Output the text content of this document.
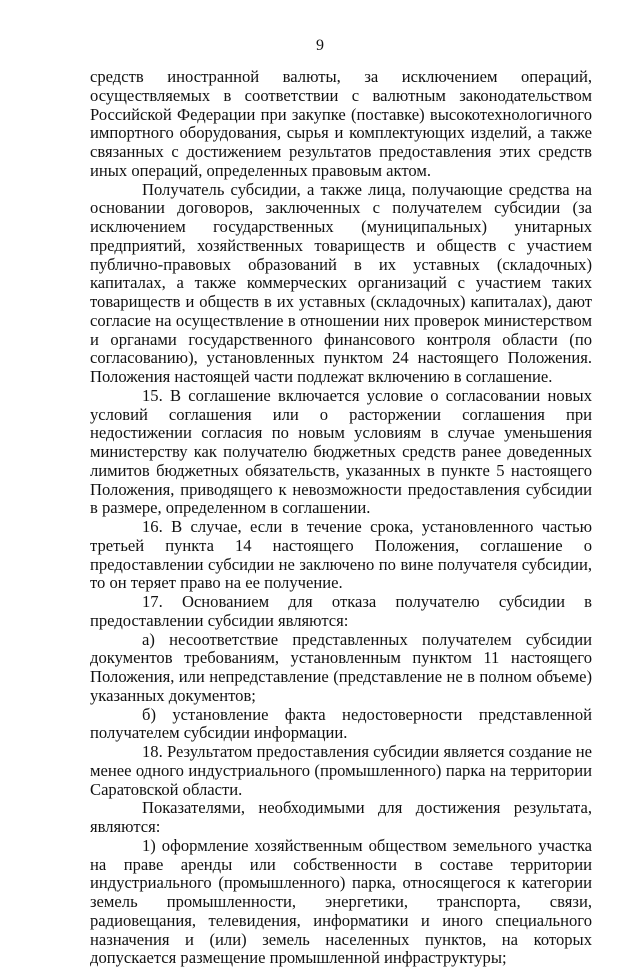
9

средств иностранной валюты, за исключением операций, осуществляемых в соответствии с валютным законодательством Российской Федерации при закупке (поставке) высокотехнологичного импортного оборудования, сырья и комплектующих изделий, а также связанных с достижением результатов предоставления этих средств иных операций, определенных правовым актом.

Получатель субсидии, а также лица, получающие средства на основании договоров, заключенных с получателем субсидии (за исключением государственных (муниципальных) унитарных предприятий, хозяйственных товариществ и обществ с участием публично-правовых образований в их уставных (складочных) капиталах, а также коммерческих организаций с участием таких товариществ и обществ в их уставных (складочных) капиталах), дают согласие на осуществление в отношении них проверок министерством и органами государственного финансового контроля области (по согласованию), установленных пунктом 24 настоящего Положения. Положения настоящей части подлежат включению в соглашение.

15. В соглашение включается условие о согласовании новых условий соглашения или о расторжении соглашения при недостижении согласия по новым условиям в случае уменьшения министерству как получателю бюджетных средств ранее доведенных лимитов бюджетных обязательств, указанных в пункте 5 настоящего Положения, приводящего к невозможности предоставления субсидии в размере, определенном в соглашении.

16. В случае, если в течение срока, установленного частью третьей пункта 14 настоящего Положения, соглашение о предоставлении субсидии не заключено по вине получателя субсидии, то он теряет право на ее получение.

17. Основанием для отказа получателю субсидии в предоставлении субсидии являются:

а) несоответствие представленных получателем субсидии документов требованиям, установленным пунктом 11 настоящего Положения, или непредставление (представление не в полном объеме) указанных документов;

б) установление факта недостоверности представленной получателем субсидии информации.

18. Результатом предоставления субсидии является создание не менее одного индустриального (промышленного) парка на территории Саратовской области.

Показателями, необходимыми для достижения результата, являются:

1) оформление хозяйственным обществом земельного участка на праве аренды или собственности в составе территории индустриального (промышленного) парка, относящегося к категории земель промышленности, энергетики, транспорта, связи, радиовещания, телевидения, информатики и иного специального назначения и (или) земель населенных пунктов, на которых допускается размещение промышленной инфраструктуры;
